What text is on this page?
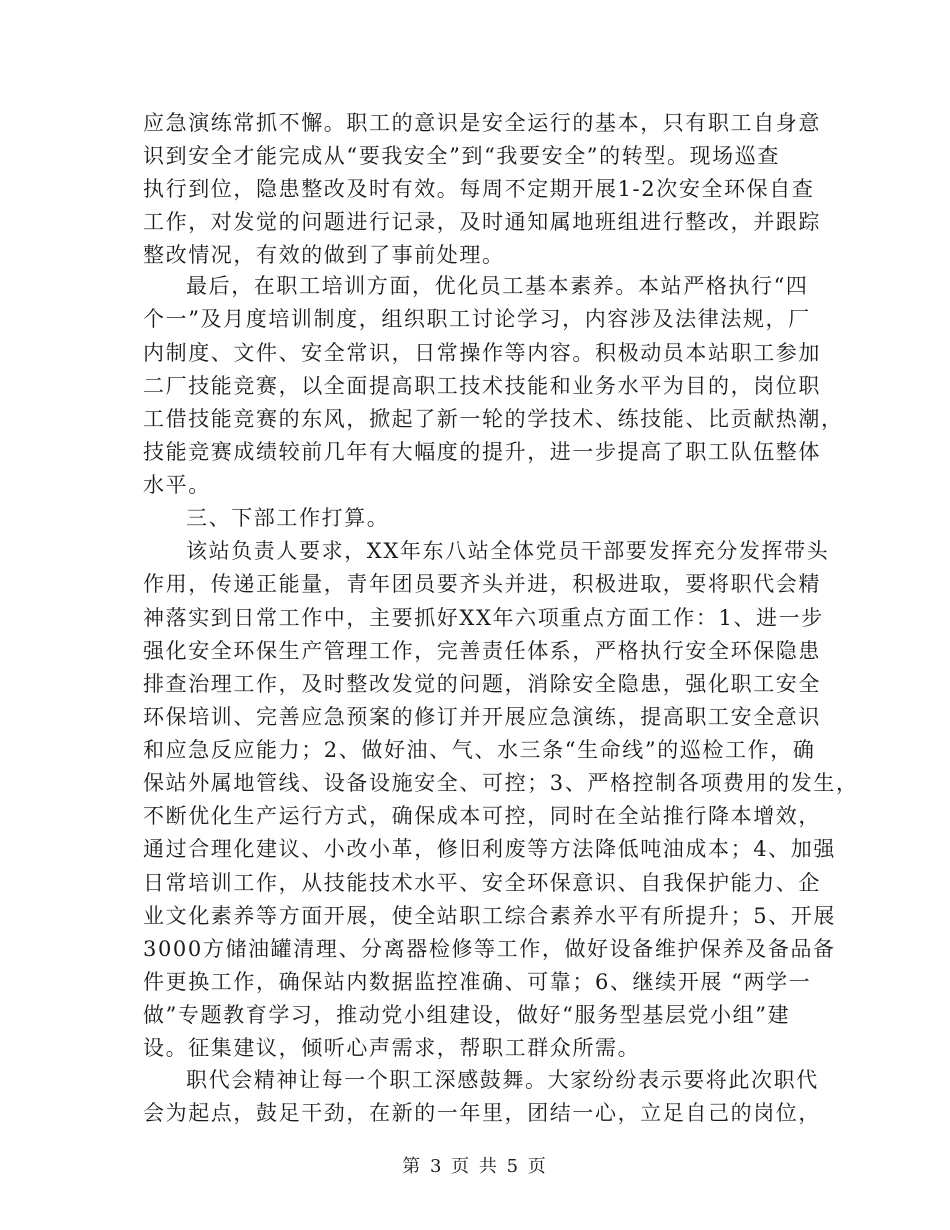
应急演练常抓不懈。职工的意识是安全运行的基本，只有职工自身意
识到安全才能完成从“要我安全”到“我要安全”的转型。现场巡查
执行到位，隐患整改及时有效。每周不定期开展1-2次安全环保自查
工作，对发觉的问题进行记录，及时通知属地班组进行整改，并跟踪
整改情况，有效的做到了事前处理。
最后，在职工培训方面，优化员工基本素养。本站严格执行“四
个一”及月度培训制度，组织职工讨论学习，内容涉及法律法规，厂
内制度、文件、安全常识，日常操作等内容。积极动员本站职工参加
二厂技能竞赛，以全面提高职工技术技能和业务水平为目的，岗位职
工借技能竞赛的东风，掀起了新一轮的学技术、练技能、比贡献热潮，
技能竞赛成绩较前几年有大幅度的提升，进一步提高了职工队伍整体
水平。
三、下部工作打算。
该站负责人要求，XX年东八站全体党员干部要发挥充分发挥带头
作用，传递正能量，青年团员要齐头并进，积极进取，要将职代会精
神落实到日常工作中，主要抓好XX年六项重点方面工作：1、进一步
强化安全环保生产管理工作，完善责任体系，严格执行安全环保隐患
排查治理工作，及时整改发觉的问题，消除安全隐患，强化职工安全
环保培训、完善应急预案的修订并开展应急演练，提高职工安全意识
和应急反应能力；2、做好油、气、水三条“生命线”的巡检工作，确
保站外属地管线、设备设施安全、可控；3、严格控制各项费用的发生，
不断优化生产运行方式，确保成本可控，同时在全站推行降本增效，
通过合理化建议、小改小革，修旧利废等方法降低吨油成本；4、加强
日常培训工作，从技能技术水平、安全环保意识、自我保护能力、企
业文化素养等方面开展，使全站职工综合素养水平有所提升；5、开展
3000方储油罐清理、分离器检修等工作，做好设备维护保养及备品备
件更换工作，确保站内数据监控准确、可靠；6、继续开展 “两学一
做”专题教育学习，推动党小组建设，做好“服务型基层党小组”建
设。征集建议，倾听心声需求，帮职工群众所需。
职代会精神让每一个职工深感鼓舞。大家纷纷表示要将此次职代
会为起点，鼓足干劲，在新的一年里，团结一心，立足自己的岗位，
第 3 页 共 5 页
